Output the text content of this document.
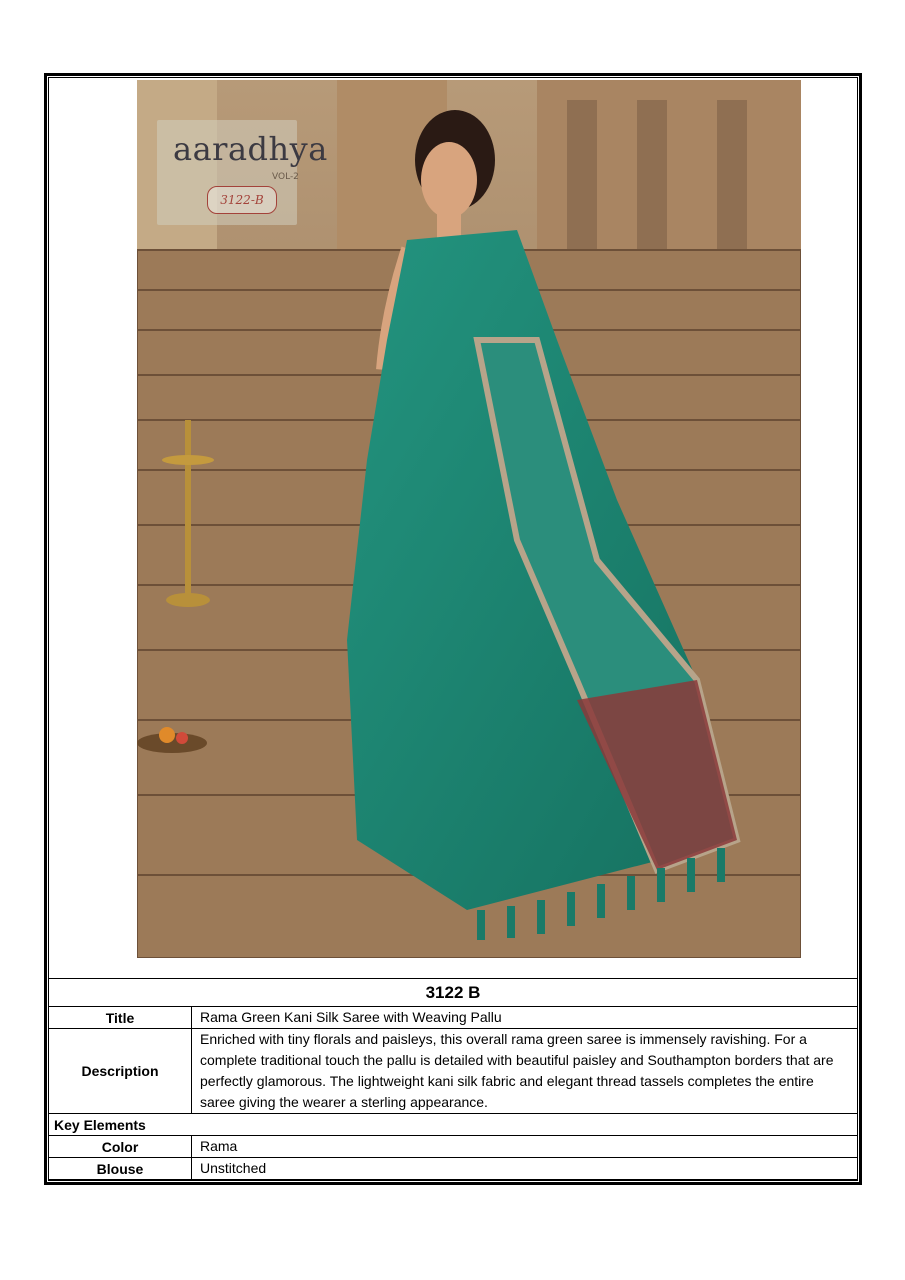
aaradhya
VOL-2
3122-B
3122 B	
Title	Rama Green Kani Silk Saree with Weaving Pallu
Description	Enriched with tiny florals and paisleys, this overall rama green saree is immensely ravishing. For a complete traditional touch the pallu is detailed with beautiful paisley and Southampton borders that are perfectly glamorous. The lightweight kani silk fabric and elegant thread tassels completes the entire saree giving the wearer a sterling appearance.
Key Elements	
Color	Rama
Blouse	Unstitched
